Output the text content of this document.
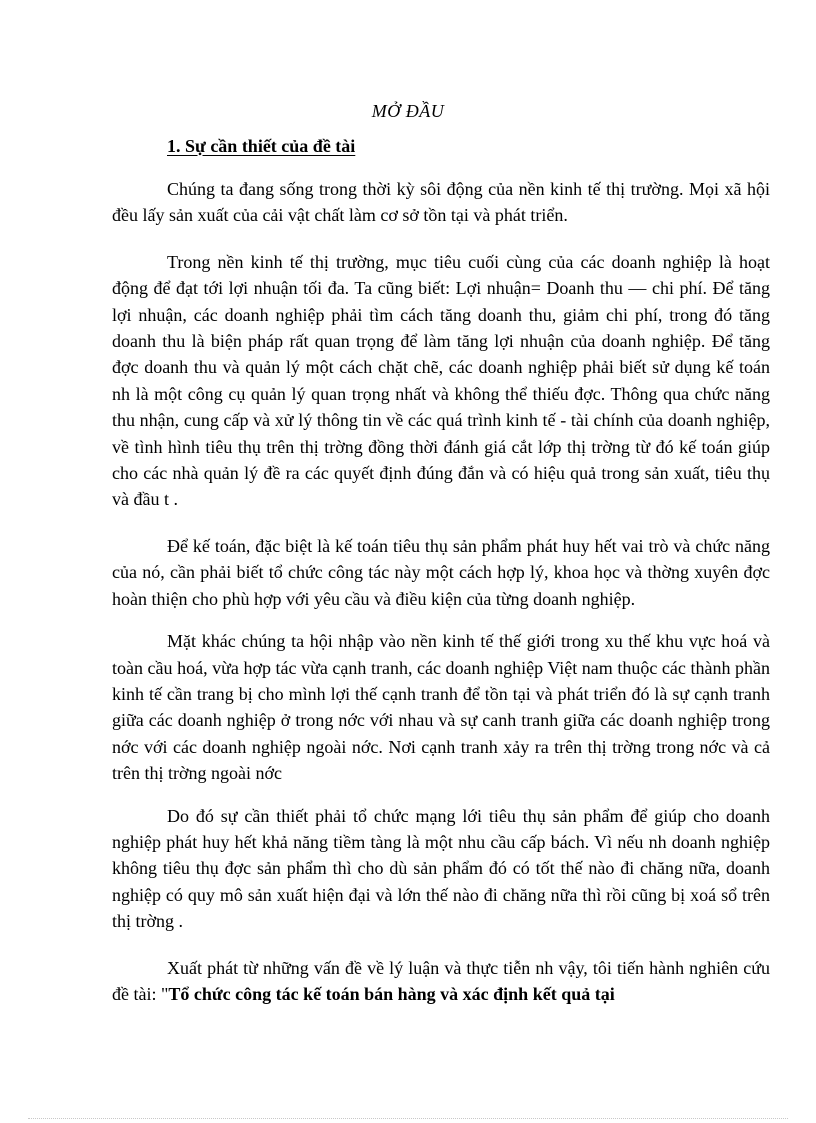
MỞ ĐẦU
1. Sự cần thiết của đề tài

Chúng ta đang sống trong thời kỳ sôi động của nền kinh tế thị trường. Mọi xã hội đều lấy sản xuất của cải vật chất làm cơ sở tồn tại và phát triển.

Trong nền kinh tế thị trường, mục tiêu cuối cùng của các doanh nghiệp là hoạt động để đạt tới lợi nhuận tối đa. Ta cũng biết: Lợi nhuận= Doanh thu — chi phí. Để tăng lợi nhuận, các doanh nghiệp phải tìm cách tăng doanh thu, giảm chi phí, trong đó tăng doanh thu là biện pháp rất quan trọng để làm tăng lợi nhuận của doanh nghiệp. Để tăng đợc doanh thu và quản lý một cách chặt chẽ, các doanh nghiệp phải biết sử dụng kế toán nh là một công cụ quản lý quan trọng nhất và không thể thiếu đợc. Thông qua chức năng thu nhận, cung cấp và xử lý thông tin về các quá trình kinh tế - tài chính của doanh nghiệp, về tình hình tiêu thụ trên thị trờng đồng thời đánh giá cắt lớp thị trờng từ đó kế toán giúp cho các nhà quản lý đề ra các quyết định đúng đắn và có hiệu quả trong sản xuất, tiêu thụ và đầu t .

Để kế toán, đặc biệt là kế toán tiêu thụ sản phẩm phát huy hết vai trò và chức năng của nó, cần phải biết tổ chức công tác này một cách hợp lý, khoa học và thờng xuyên đợc hoàn thiện cho phù hợp với yêu cầu và điều kiện của từng doanh nghiệp.

Mặt khác chúng ta hội nhập vào nền kinh tế thế giới trong xu thế khu vực hoá và toàn cầu hoá, vừa hợp tác vừa cạnh tranh, các doanh nghiệp Việt nam thuộc các thành phần kinh tế cần trang bị cho mình lợi thế cạnh tranh để tồn tại và phát triển đó là sự cạnh tranh giữa các doanh nghiệp ở trong nớc với nhau và sự canh tranh giữa các doanh nghiệp trong nớc với các doanh nghiệp ngoài nớc. Nơi cạnh tranh xảy ra trên thị trờng trong nớc và cả trên thị trờng ngoài nớc

Do đó sự cần thiết phải tổ chức mạng lới tiêu thụ sản phẩm để giúp cho doanh nghiệp phát huy hết khả năng tiềm tàng là một nhu cầu cấp bách. Vì nếu nh doanh nghiệp không tiêu thụ đợc sản phẩm thì cho dù sản phẩm đó có tốt thế nào đi chăng nữa, doanh nghiệp có quy mô sản xuất hiện đại và lớn thế nào đi chăng nữa thì rồi cũng bị xoá sổ trên thị trờng .

Xuất phát từ những vấn đề về lý luận và thực tiễn nh vậy, tôi tiến hành nghiên cứu đề tài: "Tổ chức công tác kế toán bán hàng và xác định kết quả tại
